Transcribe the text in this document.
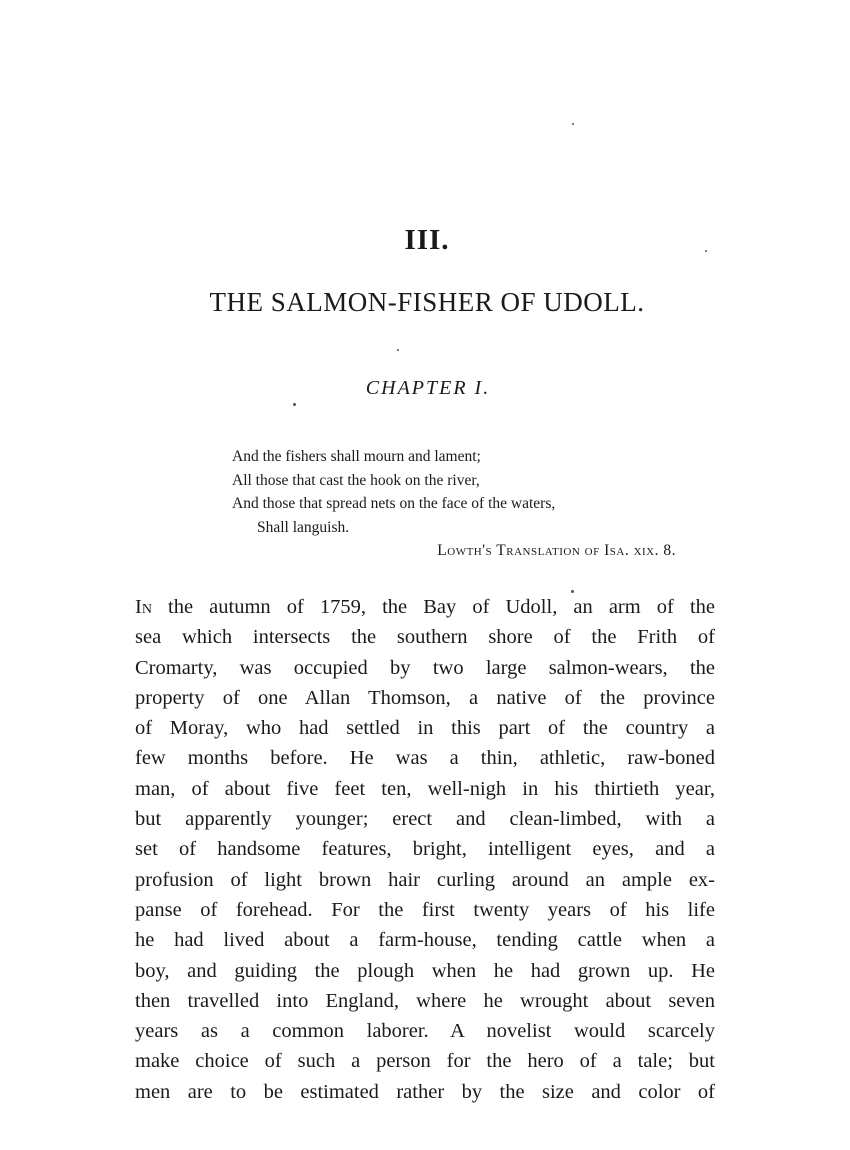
III.
THE SALMON-FISHER OF UDOLL.
CHAPTER I.
And the fishers shall mourn and lament;
All those that cast the hook on the river,
And those that spread nets on the face of the waters,
Shall languish.
Lowth's Translation of Isa. xix. 8.
In the autumn of 1759, the Bay of Udoll, an arm of the
sea which intersects the southern shore of the Frith of
Cromarty, was occupied by two large salmon-wears, the
property of one Allan Thomson, a native of the province
of Moray, who had settled in this part of the country a
few months before. He was a thin, athletic, raw-boned
man, of about five feet ten, well-nigh in his thirtieth year,
but apparently younger; erect and clean-limbed, with a
set of handsome features, bright, intelligent eyes, and a
profusion of light brown hair curling around an ample ex-
panse of forehead. For the first twenty years of his life
he had lived about a farm-house, tending cattle when a
boy, and guiding the plough when he had grown up. He
then travelled into England, where he wrought about seven
years as a common laborer. A novelist would scarcely
make choice of such a person for the hero of a tale; but
men are to be estimated rather by the size and color of
